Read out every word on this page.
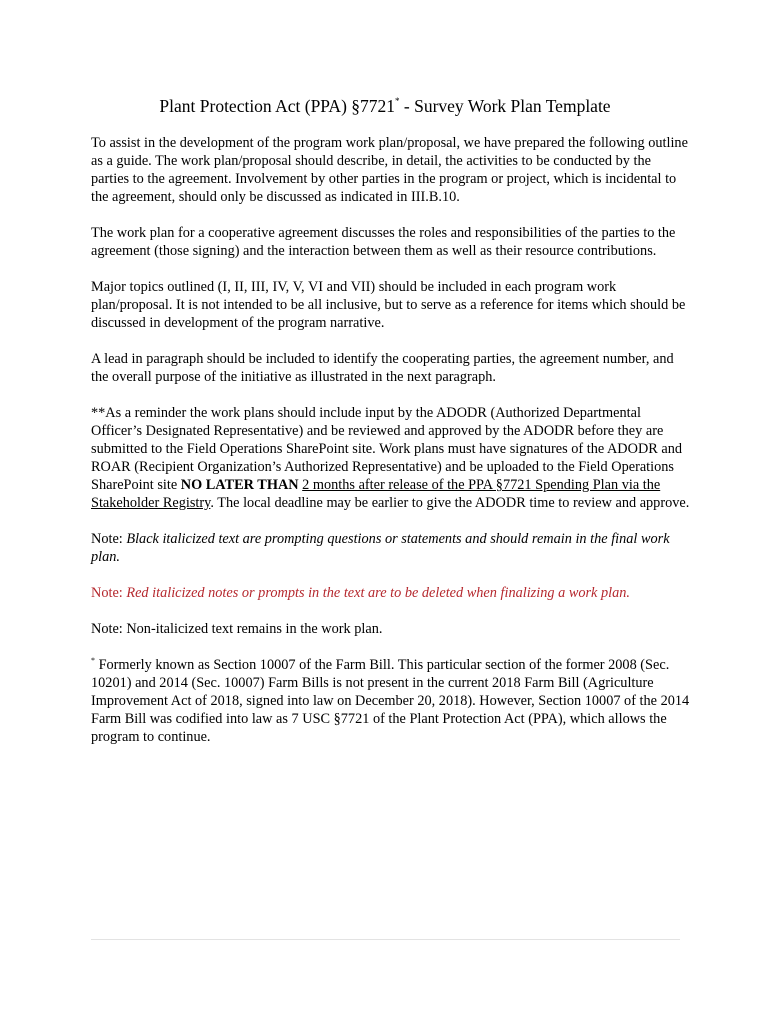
Plant Protection Act (PPA) §7721* - Survey Work Plan Template

To assist in the development of the program work plan/proposal, we have prepared the following outline as a guide. The work plan/proposal should describe, in detail, the activities to be conducted by the parties to the agreement. Involvement by other parties in the program or project, which is incidental to the agreement, should only be discussed as indicated in III.B.10.

The work plan for a cooperative agreement discusses the roles and responsibilities of the parties to the agreement (those signing) and the interaction between them as well as their resource contributions.

Major topics outlined (I, II, III, IV, V, VI and VII) should be included in each program work plan/proposal. It is not intended to be all inclusive, but to serve as a reference for items which should be discussed in development of the program narrative.

A lead in paragraph should be included to identify the cooperating parties, the agreement number, and the overall purpose of the initiative as illustrated in the next paragraph.

**As a reminder the work plans should include input by the ADODR (Authorized Departmental Officer’s Designated Representative) and be reviewed and approved by the ADODR before they are submitted to the Field Operations SharePoint site. Work plans must have signatures of the ADODR and ROAR (Recipient Organization’s Authorized Representative) and be uploaded to the Field Operations SharePoint site NO LATER THAN 2 months after release of the PPA §7721 Spending Plan via the Stakeholder Registry. The local deadline may be earlier to give the ADODR time to review and approve.

Note: Black italicized text are prompting questions or statements and should remain in the final work plan.

Note: Red italicized notes or prompts in the text are to be deleted when finalizing a work plan.

Note: Non-italicized text remains in the work plan.

* Formerly known as Section 10007 of the Farm Bill. This particular section of the former 2008 (Sec. 10201) and 2014 (Sec. 10007) Farm Bills is not present in the current 2018 Farm Bill (Agriculture Improvement Act of 2018, signed into law on December 20, 2018). However, Section 10007 of the 2014 Farm Bill was codified into law as 7 USC §7721 of the Plant Protection Act (PPA), which allows the program to continue.
